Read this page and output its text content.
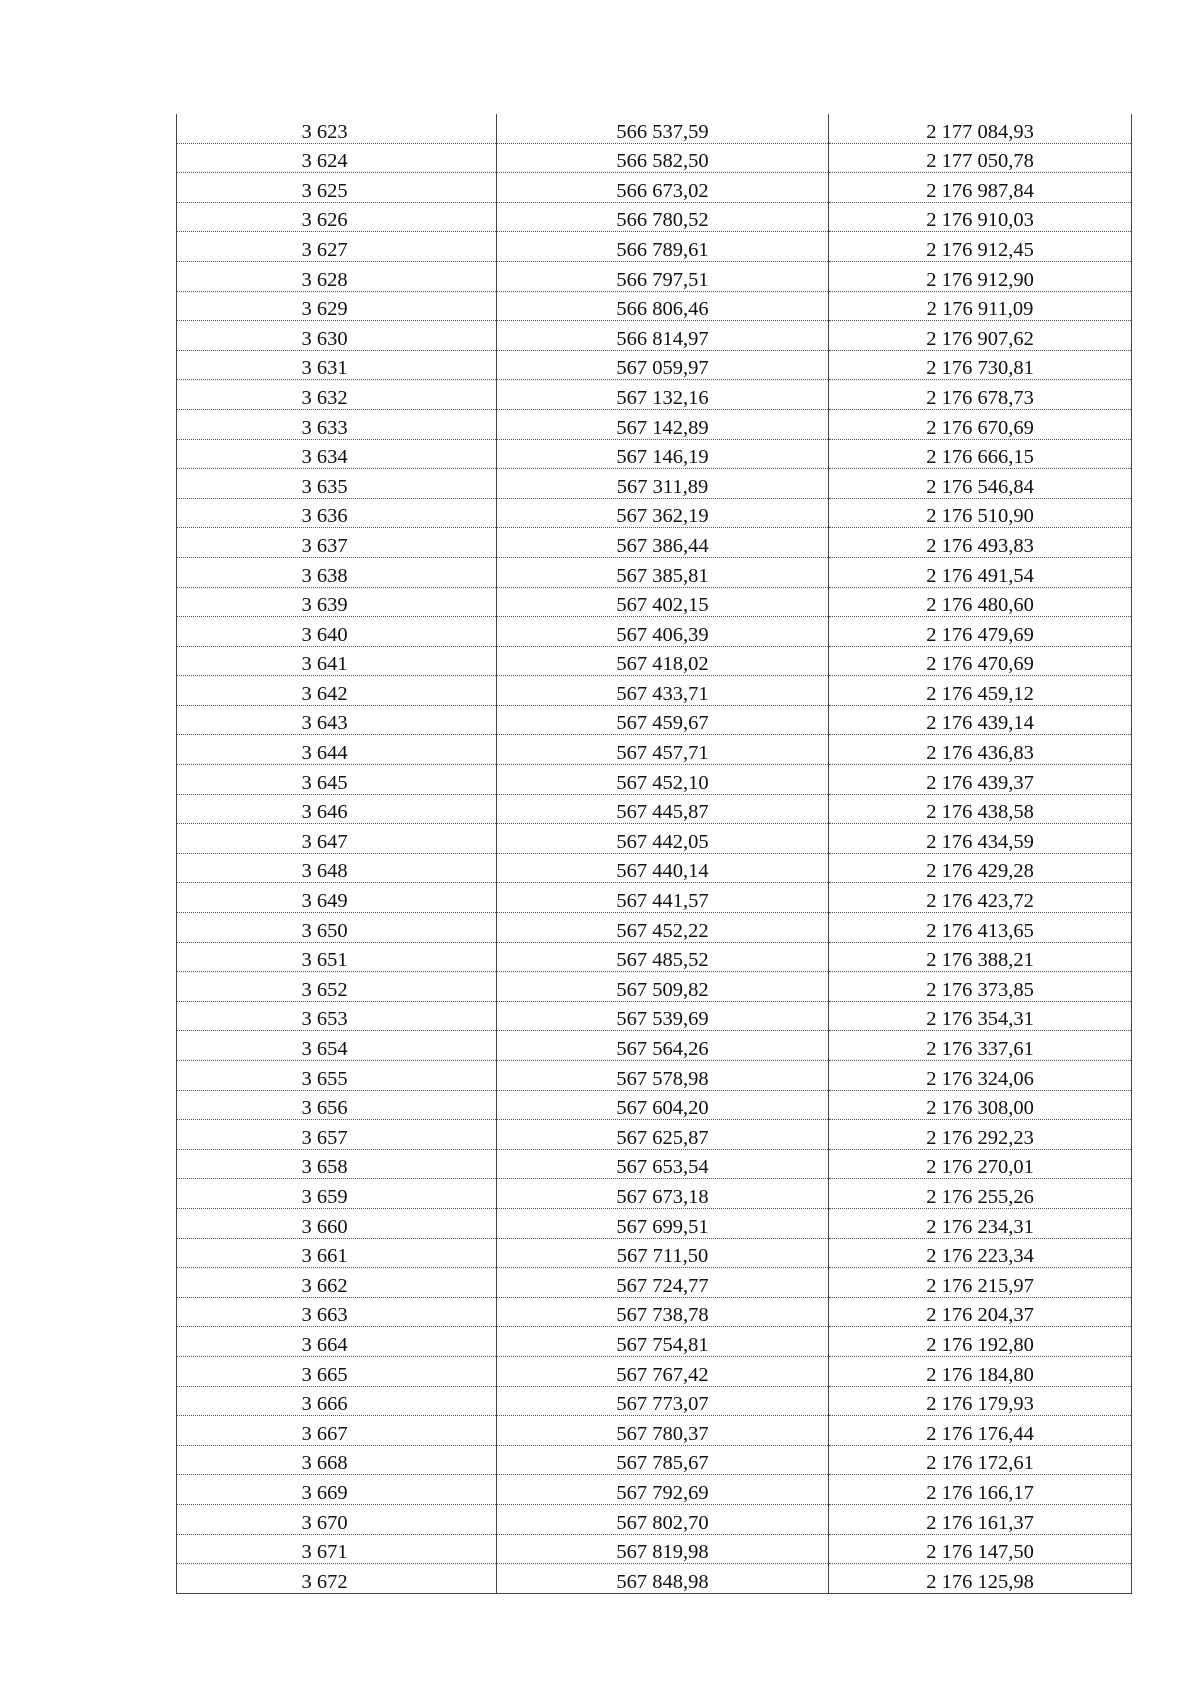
3 623	566 537,59	2 177 084,93
3 624	566 582,50	2 177 050,78
3 625	566 673,02	2 176 987,84
3 626	566 780,52	2 176 910,03
3 627	566 789,61	2 176 912,45
3 628	566 797,51	2 176 912,90
3 629	566 806,46	2 176 911,09
3 630	566 814,97	2 176 907,62
3 631	567 059,97	2 176 730,81
3 632	567 132,16	2 176 678,73
3 633	567 142,89	2 176 670,69
3 634	567 146,19	2 176 666,15
3 635	567 311,89	2 176 546,84
3 636	567 362,19	2 176 510,90
3 637	567 386,44	2 176 493,83
3 638	567 385,81	2 176 491,54
3 639	567 402,15	2 176 480,60
3 640	567 406,39	2 176 479,69
3 641	567 418,02	2 176 470,69
3 642	567 433,71	2 176 459,12
3 643	567 459,67	2 176 439,14
3 644	567 457,71	2 176 436,83
3 645	567 452,10	2 176 439,37
3 646	567 445,87	2 176 438,58
3 647	567 442,05	2 176 434,59
3 648	567 440,14	2 176 429,28
3 649	567 441,57	2 176 423,72
3 650	567 452,22	2 176 413,65
3 651	567 485,52	2 176 388,21
3 652	567 509,82	2 176 373,85
3 653	567 539,69	2 176 354,31
3 654	567 564,26	2 176 337,61
3 655	567 578,98	2 176 324,06
3 656	567 604,20	2 176 308,00
3 657	567 625,87	2 176 292,23
3 658	567 653,54	2 176 270,01
3 659	567 673,18	2 176 255,26
3 660	567 699,51	2 176 234,31
3 661	567 711,50	2 176 223,34
3 662	567 724,77	2 176 215,97
3 663	567 738,78	2 176 204,37
3 664	567 754,81	2 176 192,80
3 665	567 767,42	2 176 184,80
3 666	567 773,07	2 176 179,93
3 667	567 780,37	2 176 176,44
3 668	567 785,67	2 176 172,61
3 669	567 792,69	2 176 166,17
3 670	567 802,70	2 176 161,37
3 671	567 819,98	2 176 147,50
3 672	567 848,98	2 176 125,98
